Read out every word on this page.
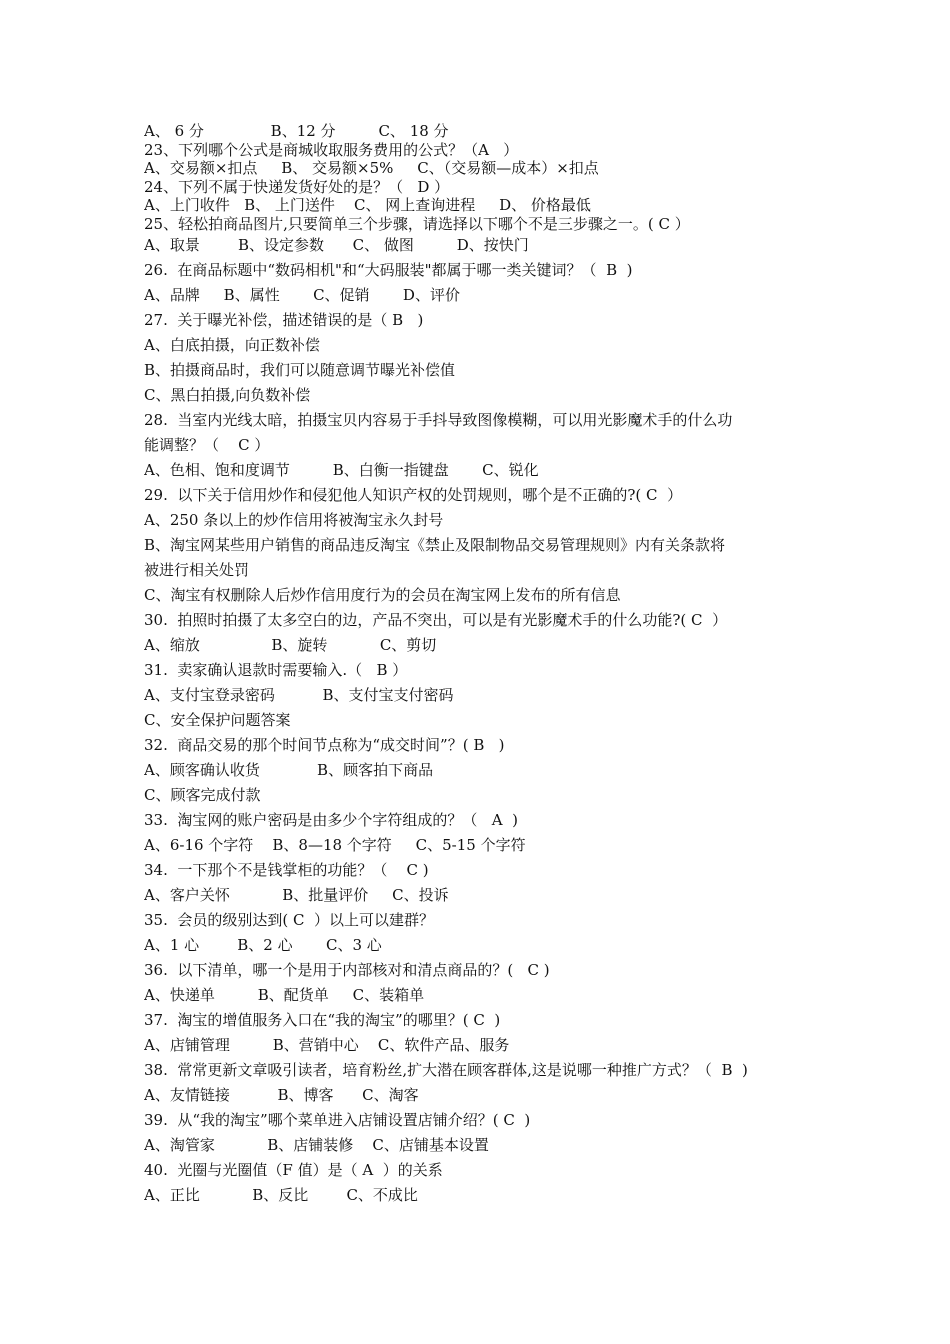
A、 6 分              B、12 分         C、 18 分
23、下列哪个公式是商城收取服务费用的公式？（A   ）
A、交易额×扣点     B、 交易额×5%     C、（交易额—成本）×扣点
24、下列不属于快递发货好处的是？（   D ）
A、上门收件   B、 上门送件    C、 网上查询进程     D、 价格最低
25、轻松拍商品图片,只要简单三个步骤，请选择以下哪个不是三步骤之一。( C ）
A、取景        B、设定参数      C、 做图         D、按快门
26.  在商品标题中“数码相机"和“大码服装"都属于哪一类关键词？（  B  )
A、品牌     B、属性       C、促销       D、评价
27.  关于曝光补偿，描述错误的是（ B   )
A、白底拍摄，向正数补偿
B、拍摄商品时，我们可以随意调节曝光补偿值
C、黑白拍摄,向负数补偿
28.  当室内光线太暗，拍摄宝贝内容易于手抖导致图像模糊，可以用光影魔术手的什么功
能调整？（    C ）
A、色相、饱和度调节         B、白衡一指键盘       C、锐化
29.  以下关于信用炒作和侵犯他人知识产权的处罚规则，哪个是不正确的?( C  ）
A、250 条以上的炒作信用将被淘宝永久封号
B、淘宝网某些用户销售的商品违反淘宝《禁止及限制物品交易管理规则》内有关条款将
被进行相关处罚
C、淘宝有权删除人后炒作信用度行为的会员在淘宝网上发布的所有信息
30.  拍照时拍摄了太多空白的边，产品不突出，可以是有光影魔术手的什么功能?( C  ）
A、缩放               B、旋转           C、剪切
31.  卖家确认退款时需要输入.（   B ）
A、支付宝登录密码          B、支付宝支付密码
C、安全保护问题答案
32.  商品交易的那个时间节点称为“成交时间”？( B   )
A、顾客确认收货            B、顾客拍下商品
C、顾客完成付款
33.  淘宝网的账户密码是由多少个字符组成的？（   A  )
A、6-16 个字符    B、8—18 个字符     C、5-15 个字符
34.  一下那个不是钱掌柜的功能？（    C )
A、客户关怀           B、批量评价     C、投诉
35.  会员的级别达到( C  ）以上可以建群？
A、1 心        B、2 心       C、3 心
36.  以下清单，哪一个是用于内部核对和清点商品的？(   C )
A、快递单         B、配货单     C、装箱单
37.  淘宝的增值服务入口在“我的淘宝”的哪里？( C  )
A、店铺管理         B、营销中心    C、软件产品、服务
38.  常常更新文章吸引读者，培育粉丝,扩大潜在顾客群体,这是说哪一种推广方式？（  B  )
A、友情链接          B、博客      C、淘客
39.  从“我的淘宝”哪个菜单进入店铺设置店铺介绍？( C  )
A、淘管家           B、店铺装修    C、店铺基本设置
40.  光圈与光圈值（F 值）是（ A  ）的关系
A、正比           B、反比        C、不成比
